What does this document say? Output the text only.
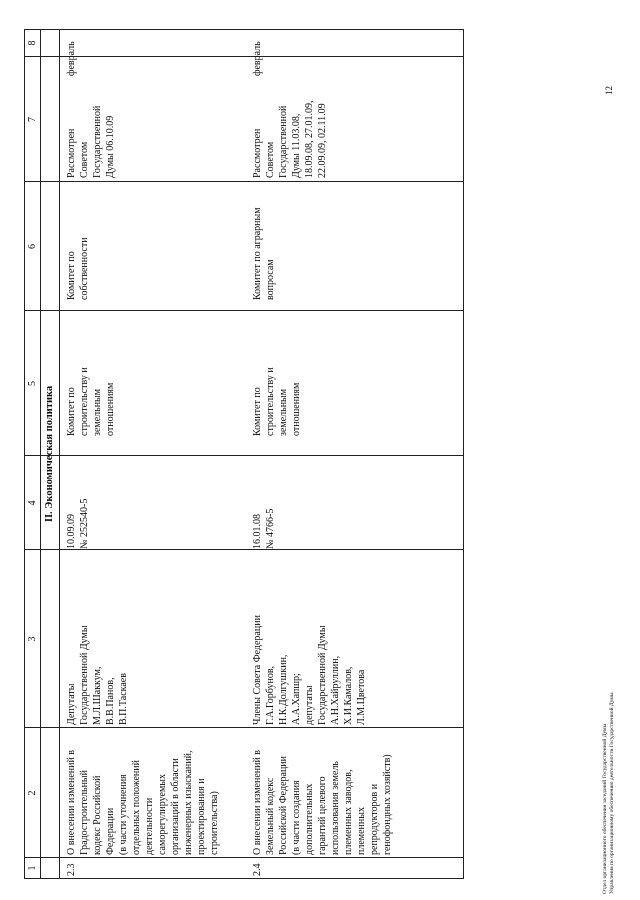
1
2
3
4
5
6
7
8
II. Экономическая политика
2.3
О внесении изменений в
Градостроительный
кодекс Российской
Федерации
(в части уточнения
отдельных положений
деятельности
саморегулируемых
организаций в области
инженерных изысканий,
проектирования и
строительства)
Депутаты
Государственной Думы
М.Л.Шаккум,
В.В.Панов,
В.П.Таскаев
10.09.09
№ 252540-5
Комитет по
строительству и
земельным
отношениям
Комитет по
собственности
Рассмотрен
Советом
Государственной
Думы 06.10.09
февраль
2.4
О внесении изменений в
Земельный кодекс
Российской Федерации
(в части создания
дополнительных
гарантий целевого
использования земель
племенных заводов,
племенных
репродукторов и
генофондных хозяйств)
Члены Совета Федерации
Г.А.Горбунов,
Н.К.Долгушкин,
А.А.Хапшр;
депутаты
Государственной Думы
А.Н.Хайруллин,
Х.И.Камалов,
Л.М.Цветова
16.01.08
№ 4766-5
Комитет по
строительству и
земельным
отношениям
Комитет по аграрным
вопросам
Рассмотрен
Советом
Государственной
Думы 11.03.08,
18.09.08, 27.01.09,
22.09.09, 02.11.09
февраль
Отдел организационного обеспечения заседаний Государственной Думы Управления по организационному обеспечению деятельности Государственной Думы
12
